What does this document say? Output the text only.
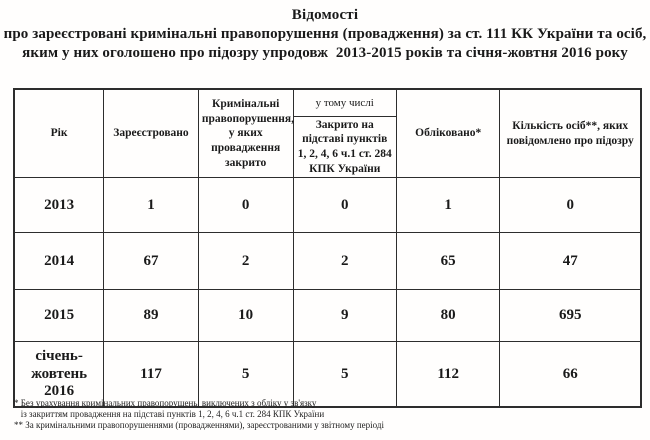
Відомості
про зареєстровані кримінальні правопорушення (провадження) за ст. 111 КК України та осіб,
яким у них оголошено про підозру упродовж  2013-2015 років та січня-жовтня 2016 року
Рік	Зареєстровано	Кримінальні правопорушення, у яких провадження закрито	у тому числі	Обліковано*	Кількість осіб**, яких повідомлено про підозру
			Закрито на підставі пунктів 1, 2, 4, 6 ч.1 ст. 284 КПК України		
2013	1	0	0	1	0
2014	67	2	2	65	47
2015	89	10	9	80	695
січень-жовтень 2016	117	5	5	112	66
* Без урахування кримінальних правопорушень, виключених з обліку у зв'язку
із закриттям провадження на підставі пунктів 1, 2, 4, 6 ч.1 ст. 284 КПК України
** За кримінальними правопорушеннями (провадженнями), зареєстрованими у звітному періоді
